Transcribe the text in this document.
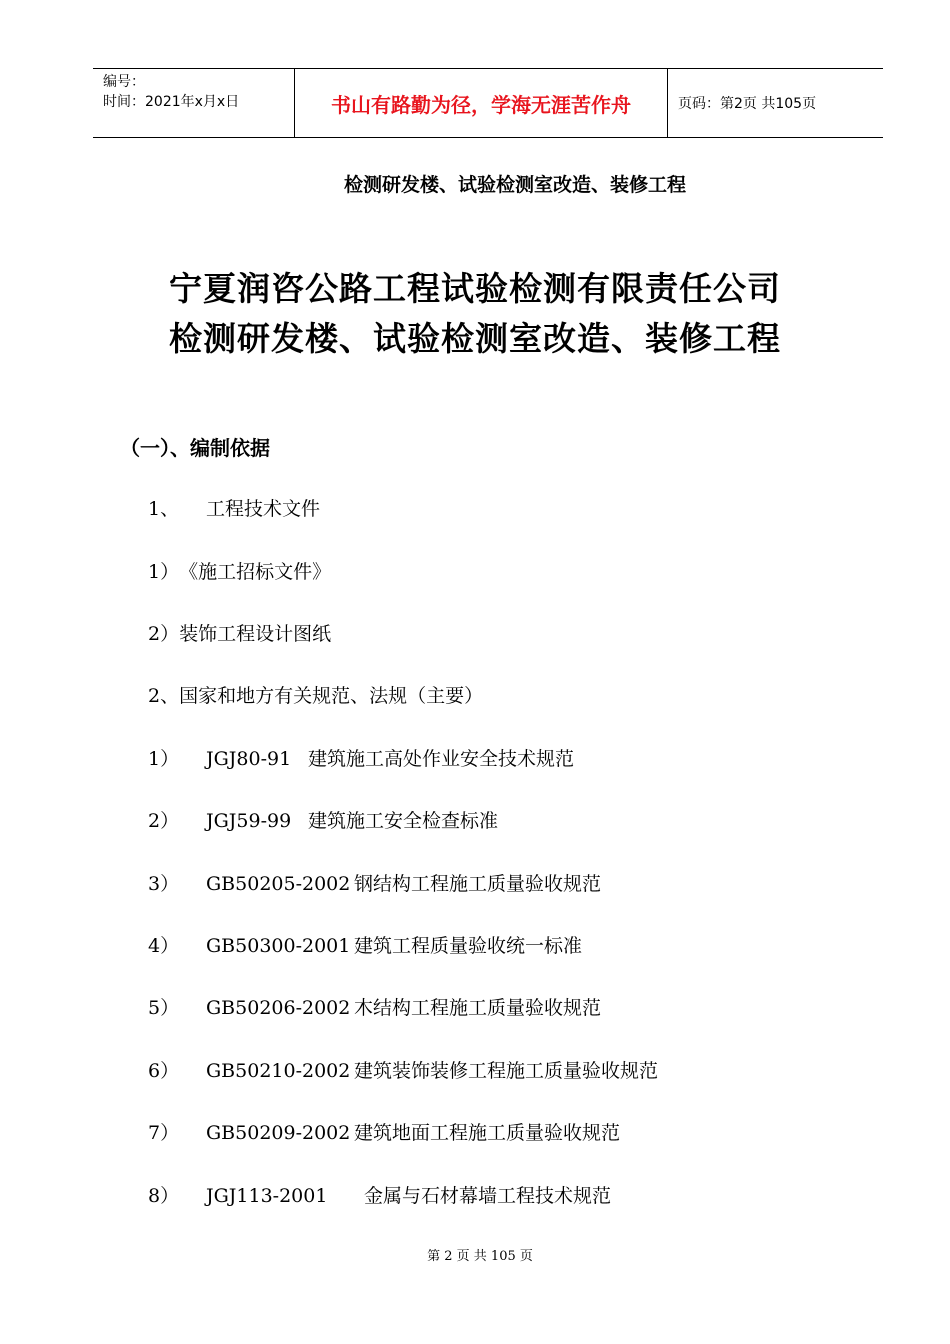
编号：
时间：2021年x月x日	书山有路勤为径，学海无涯苦作舟	页码：第2页 共105页
检测研发楼、试验检测室改造、装修工程
宁夏润咨公路工程试验检测有限责任公司
检测研发楼、试验检测室改造、装修工程
（一）、编制依据
1、 工程技术文件
1）《施工招标文件》
2）装饰工程设计图纸
2、国家和地方有关规范、法规（主要）
1） JGJ80-91 建筑施工高处作业安全技术规范
2） JGJ59-99 建筑施工安全检查标准
3） GB50205-2002 钢结构工程施工质量验收规范
4） GB50300-2001 建筑工程质量验收统一标准
5） GB50206-2002 木结构工程施工质量验收规范
6） GB50210-2002 建筑装饰装修工程施工质量验收规范
7） GB50209-2002 建筑地面工程施工质量验收规范
8） JGJ113-2001 金属与石材幕墙工程技术规范
第 2 页 共 105 页
